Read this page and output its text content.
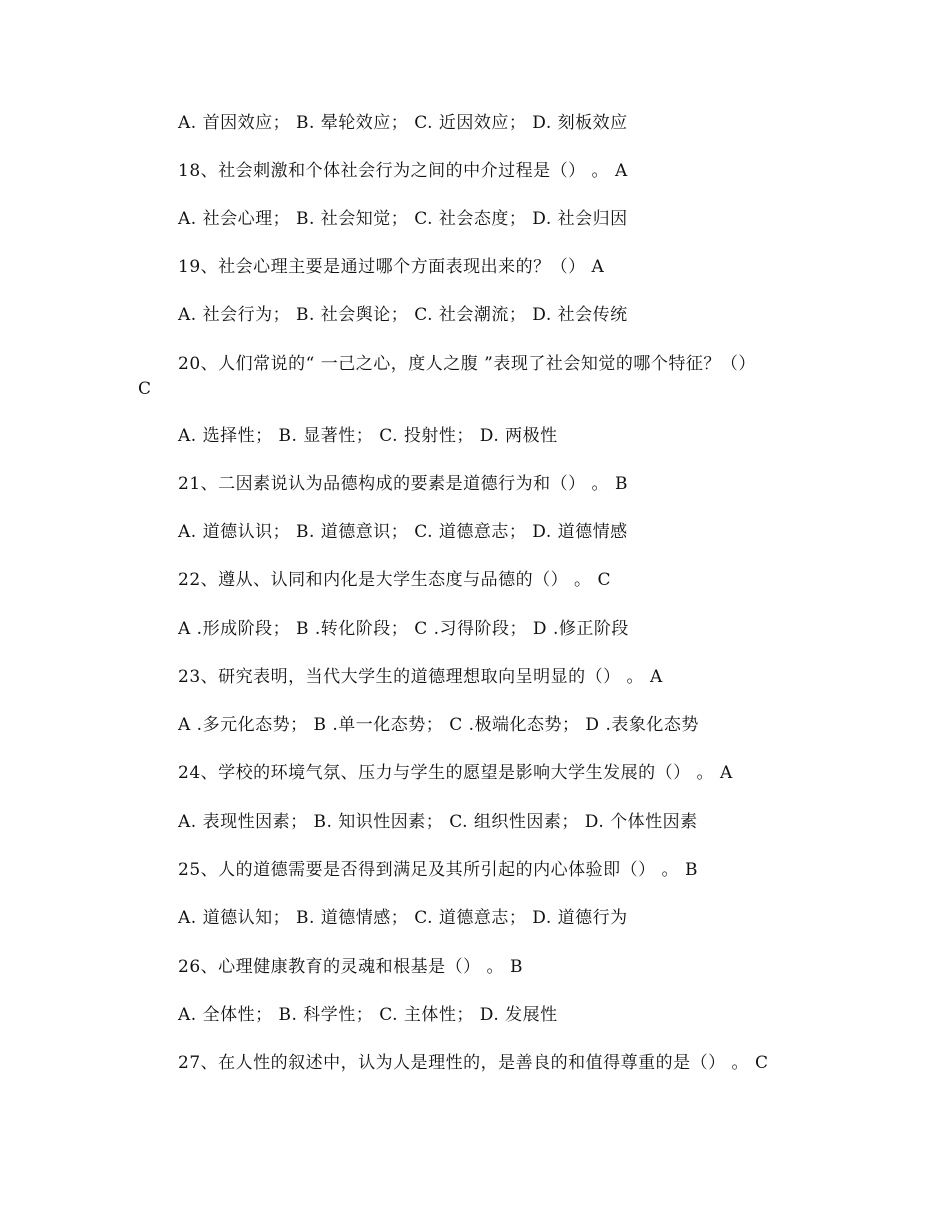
A. 首因效应； B. 晕轮效应； C. 近因效应； D. 刻板效应
18、社会刺激和个体社会行为之间的中介过程是（） 。 A
A. 社会心理； B. 社会知觉； C. 社会态度； D. 社会归因
19、社会心理主要是通过哪个方面表现出来的？（） A
A. 社会行为； B. 社会舆论； C. 社会潮流； D. 社会传统
20、人们常说的“ 一己之心，度人之腹 ”表现了社会知觉的哪个特征？（）
C
A. 选择性； B. 显著性； C. 投射性； D. 两极性
21、二因素说认为品德构成的要素是道德行为和（） 。 B
A. 道德认识； B. 道德意识； C. 道德意志； D. 道德情感
22、遵从、认同和内化是大学生态度与品德的（） 。 C
A .形成阶段； B .转化阶段； C .习得阶段； D .修正阶段
23、研究表明，当代大学生的道德理想取向呈明显的（） 。 A
A .多元化态势； B .单一化态势； C .极端化态势； D .表象化态势
24、学校的环境气氛、压力与学生的愿望是影响大学生发展的（） 。 A
A. 表现性因素； B. 知识性因素； C. 组织性因素； D. 个体性因素
25、人的道德需要是否得到满足及其所引起的内心体验即（） 。 B
A. 道德认知； B. 道德情感； C. 道德意志； D. 道德行为
26、心理健康教育的灵魂和根基是（） 。 B
A. 全体性； B. 科学性； C. 主体性； D. 发展性
27、在人性的叙述中，认为人是理性的，是善良的和值得尊重的是（） 。 C
